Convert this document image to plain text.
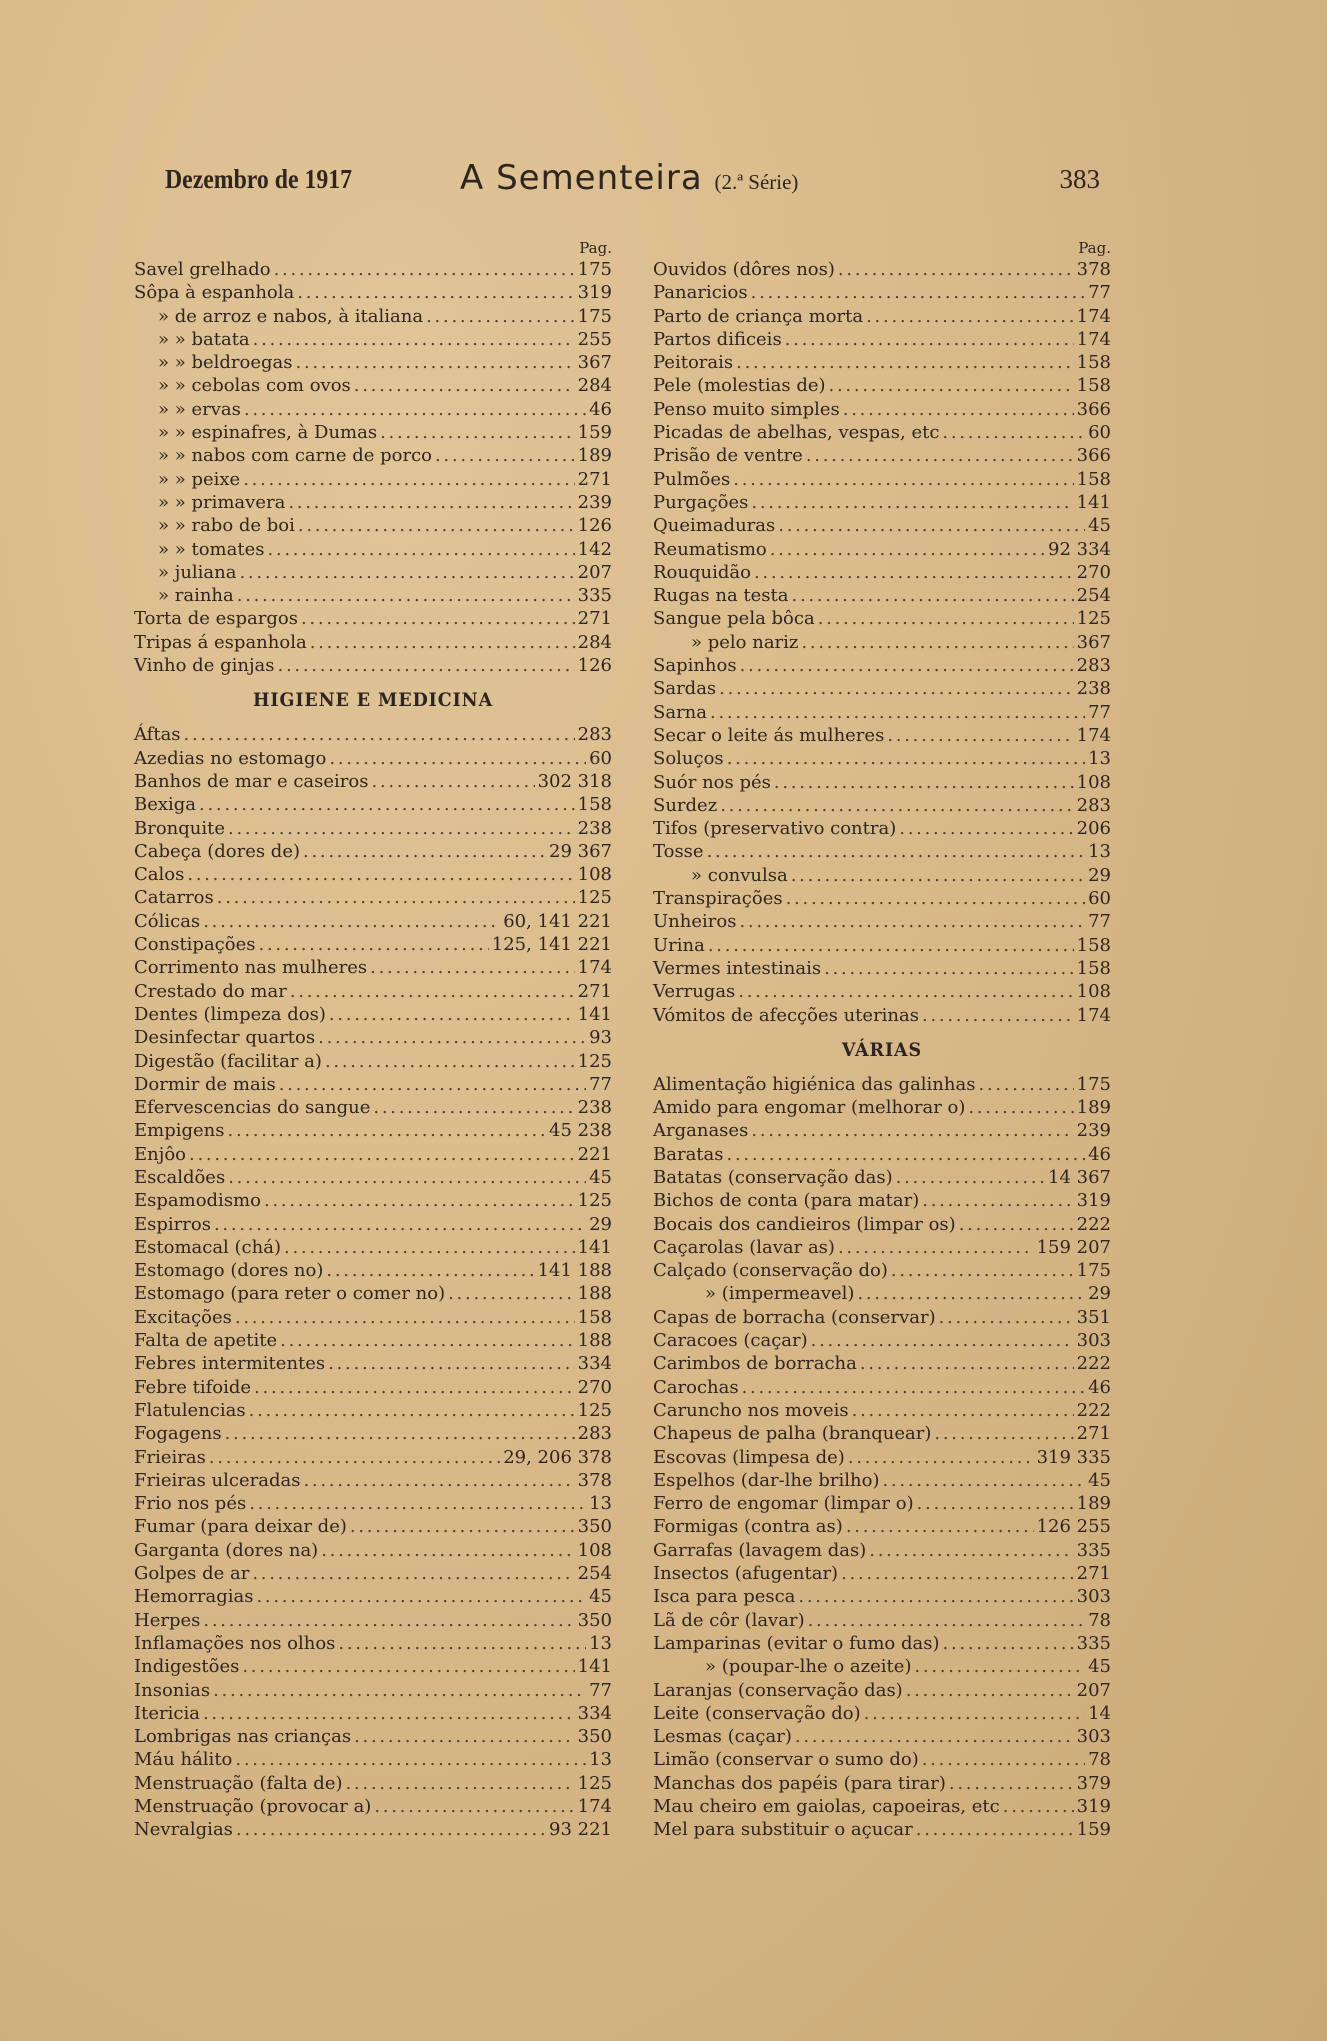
Dezembro de 1917	A Sementeira (2.ª Série)	383
Pag.
Savel grelhado . . .	175
Sôpa à espanhola . . .	319
» de arroz e nabos, à italiana . . .	175
» » batata . . .	255
» » beldroegas . . .	367
» » cebolas com ovos . . .	284
» » ervas . . .	46
» » espinafres, à Dumas . . .	159
» » nabos com carne de porco . . .	189
» » peixe . . .	271
» » primavera . . .	239
» » rabo de boi . . .	126
» » tomates . . .	142
» juliana . . .	207
» rainha . . .	335
Torta de espargos . . .	271
Tripas á espanhola . . .	284
Vinho de ginjas . . .	126
HIGIENE E MEDICINA
Áftas . . .	283
Azedias no estomago . . .	60
Banhos de mar e caseiros . . .	302 318
Bexiga . . .	158
Bronquite . . .	238
Cabeça (dores de) . . .	29 367
Calos . . .	108
Catarros . . .	125
Cólicas . . .	60, 141 221
Constipações . . .	125, 141 221
Corrimento nas mulheres . . .	174
Crestado do mar . . .	271
Dentes (limpeza dos) . . .	141
Desinfectar quartos . . .	93
Digestão (facilitar a) . . .	125
Dormir de mais . . .	77
Efervescencias do sangue . . .	238
Empigens . . .	45 238
Enjôo . . .	221
Escaldões . . .	45
Espamodismo . . .	125
Espirros . . .	29
Estomacal (chá) . . .	141
Estomago (dores no) . . .	141 188
Estomago (para reter o comer no) . . .	188
Excitações . . .	158
Falta de apetite . . .	188
Febres intermitentes . . .	334
Febre tifoide . . .	270
Flatulencias . . .	125
Fogagens . . .	283
Frieiras . . .	29, 206 378
Frieiras ulceradas . . .	378
Frio nos pés . . .	13
Fumar (para deixar de) . . .	350
Garganta (dores na) . . .	108
Golpes de ar . . .	254
Hemorragias . . .	45
Herpes . . .	350
Inflamações nos olhos . . .	13
Indigestões . . .	141
Insonias . . .	77
Itericia . . .	334
Lombrigas nas crianças . . .	350
Máu hálito . . .	13
Menstruação (falta de) . . .	125
Menstruação (provocar a) . . .	174
Nevralgias . . .	93 221
Pag.
Ouvidos (dôres nos) . . .	378
Panaricios . . .	77
Parto de criança morta . . .	174
Partos dificeis . . .	174
Peitorais . . .	158
Pele (molestias de) . . .	158
Penso muito simples . . .	366
Picadas de abelhas, vespas, etc . . .	60
Prisão de ventre . . .	366
Pulmões . . .	158
Purgações . . .	141
Queimaduras . . .	45
Reumatismo . . .	92 334
Rouquidão . . .	270
Rugas na testa . . .	254
Sangue pela bôca . . .	125
» pelo nariz . . .	367
Sapinhos . . .	283
Sardas . . .	238
Sarna . . .	77
Secar o leite ás mulheres . . .	174
Soluços . . .	13
Suór nos pés . . .	108
Surdez . . .	283
Tifos (preservativo contra) . . .	206
Tosse . . .	13
» convulsa . . .	29
Transpirações . . .	60
Unheiros . . .	77
Urina . . .	158
Vermes intestinais . . .	158
Verrugas . . .	108
Vómitos de afecções uterinas . . .	174
VÁRIAS
Alimentação higiénica das galinhas . . .	175
Amido para engomar (melhorar o) . . .	189
Arganases . . .	239
Baratas . . .	46
Batatas (conservação das) . . .	14 367
Bichos de conta (para matar) . . .	319
Bocais dos candieiros (limpar os) . . .	222
Caçarolas (lavar as) . . .	159 207
Calçado (conservação do) . . .	175
» (impermeavel) . . .	29
Capas de borracha (conservar) . . .	351
Caracoes (caçar) . . .	303
Carimbos de borracha . . .	222
Carochas . . .	46
Caruncho nos moveis . . .	222
Chapeus de palha (branquear) . . .	271
Escovas (limpesa de) . . .	319 335
Espelhos (dar-lhe brilho) . . .	45
Ferro de engomar (limpar o) . . .	189
Formigas (contra as) . . .	126 255
Garrafas (lavagem das) . . .	335
Insectos (afugentar) . . .	271
Isca para pesca . . .	303
Lã de côr (lavar) . . .	78
Lamparinas (evitar o fumo das) . . .	335
» (poupar-lhe o azeite) . . .	45
Laranjas (conservação das) . . .	207
Leite (conservação do) . . .	14
Lesmas (caçar) . . .	303
Limão (conservar o sumo do) . . .	78
Manchas dos papéis (para tirar) . . .	379
Mau cheiro em gaiolas, capoeiras, etc . . .	319
Mel para substituir o açucar . . .	159
